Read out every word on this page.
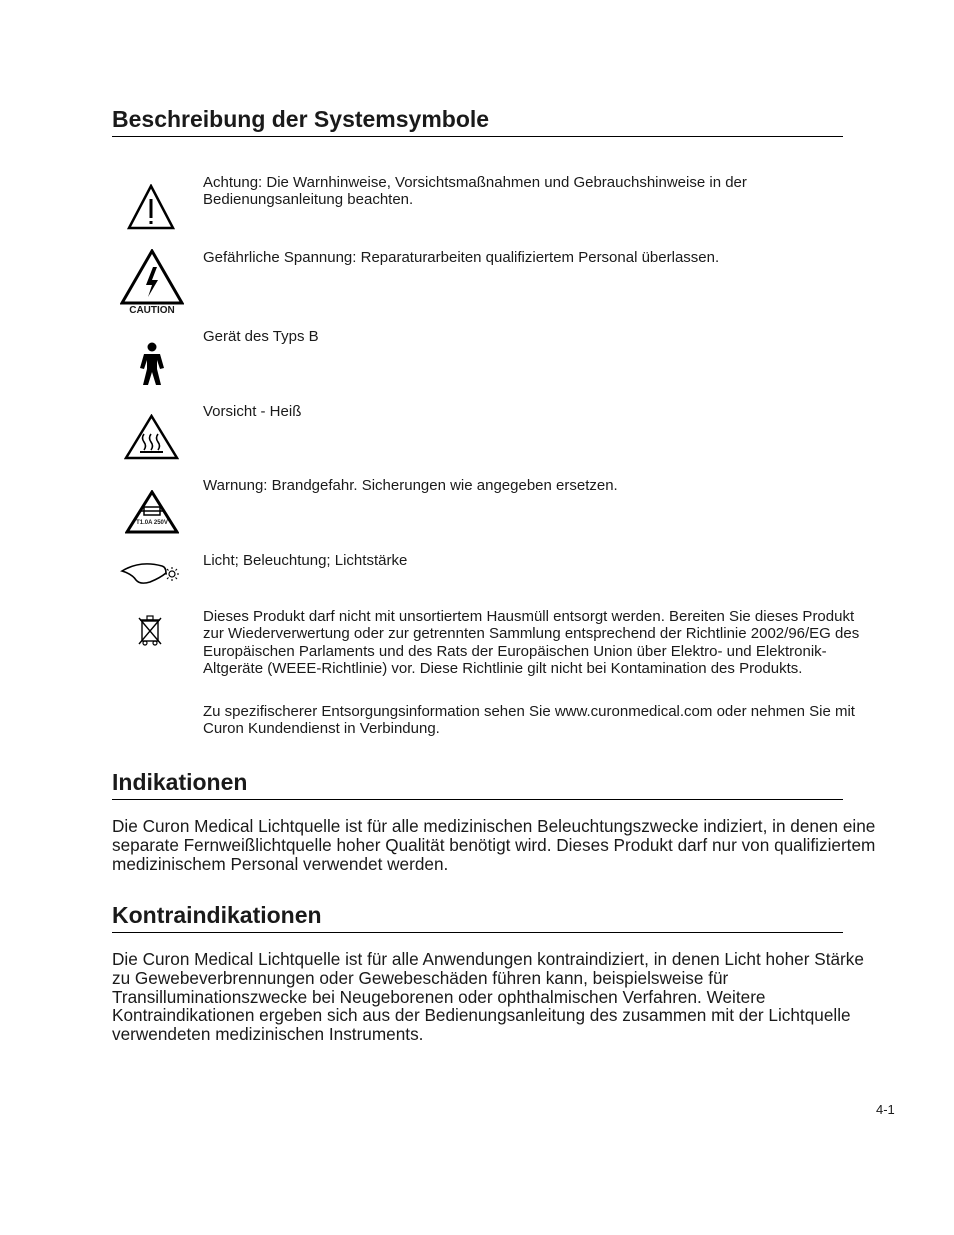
Beschreibung der Systemsymbole

Achtung: Die Warnhinweise, Vorsichtsmaßnahmen und Gebrauchshinweise in der Bedienungsanleitung beachten.

CAUTION

Gefährliche Spannung: Reparaturarbeiten qualifiziertem Personal überlassen.

Gerät des Typs B

Vorsicht - Heiß

T1.0A 250V

Warnung: Brandgefahr. Sicherungen wie angegeben ersetzen.

Licht; Beleuchtung; Lichtstärke

Dieses Produkt darf nicht mit unsortiertem Hausmüll entsorgt werden. Bereiten Sie dieses Produkt zur Wiederverwertung oder zur getrennten Sammlung entsprechend der Richtlinie 2002/96/EG des Europäischen Parlaments und des Rats der Europäischen Union über Elektro- und Elektronik-Altgeräte (WEEE-Richtlinie) vor. Diese Richtlinie gilt nicht bei Kontamination des Produkts.

Zu spezifischerer Entsorgungsinformation sehen Sie www.curonmedical.com oder nehmen Sie mit Curon Kundendienst in Verbindung.

Indikationen

Die Curon Medical Lichtquelle ist für alle medizinischen Beleuchtungszwecke indiziert, in denen eine separate Fernweißlichtquelle hoher Qualität benötigt wird. Dieses Produkt darf nur von qualifiziertem medizinischem Personal verwendet werden.

Kontraindikationen

Die Curon Medical Lichtquelle ist für alle Anwendungen kontraindiziert, in denen Licht hoher Stärke zu Gewebeverbrennungen oder Gewebeschäden führen kann, beispielsweise für Transilluminationszwecke bei Neugeborenen oder ophthalmischen Verfahren. Weitere Kontraindikationen ergeben sich aus der Bedienungsanleitung des zusammen mit der Lichtquelle verwendeten medizinischen Instruments.

4-1
